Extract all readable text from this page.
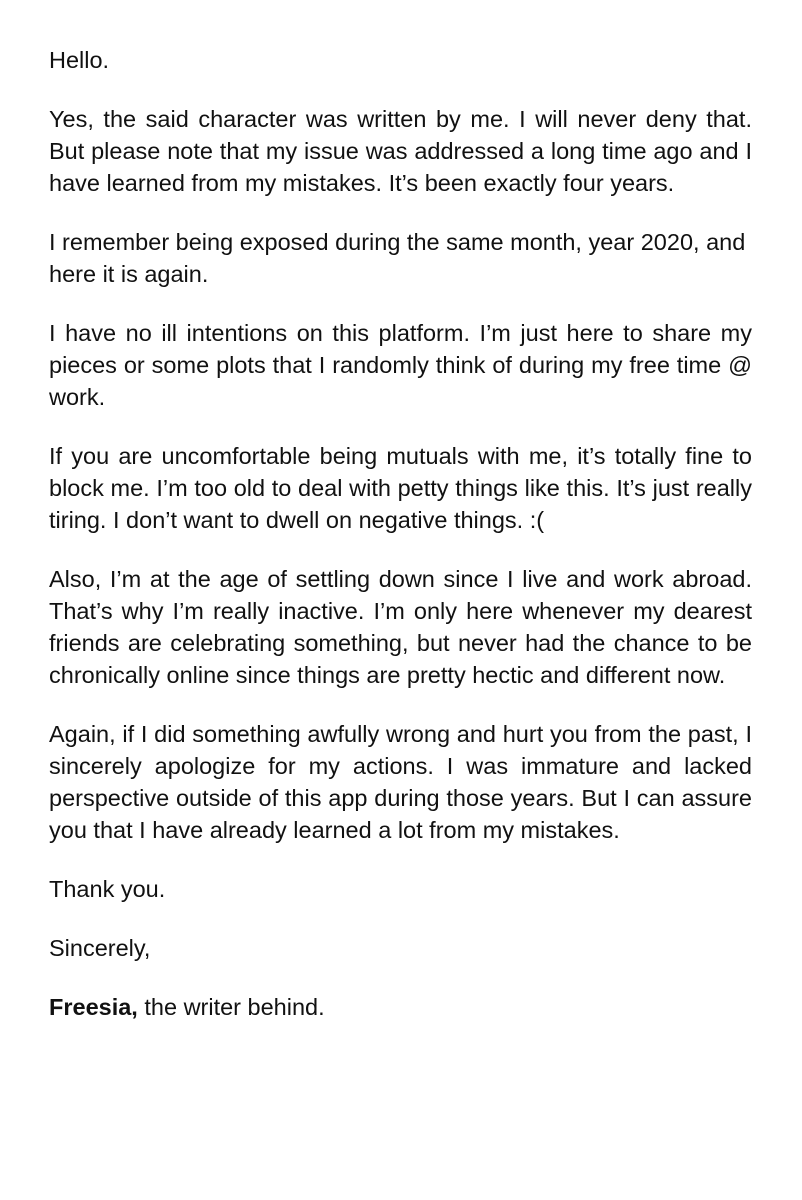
Hello.

Yes, the said character was written by me. I will never deny that. But please note that my issue was addressed a long time ago and I have learned from my mistakes. It’s been exactly four years.

I remember being exposed during the same month, year 2020, and here it is again.

I have no ill intentions on this platform. I’m just here to share my pieces or some plots that I randomly think of during my free time @ work.

If you are uncomfortable being mutuals with me, it’s totally fine to block me. I’m too old to deal with petty things like this. It’s just really tiring. I don’t want to dwell on negative things. :(

Also, I’m at the age of settling down since I live and work abroad. That’s why I’m really inactive. I’m only here whenever my dearest friends are celebrating something, but never had the chance to be chronically online since things are pretty hectic and different now.

Again, if I did something awfully wrong and hurt you from the past, I sincerely apologize for my actions. I was immature and lacked perspective outside of this app during those years. But I can assure you that I have already learned a lot from my mistakes.

Thank you.

Sincerely,

Freesia, the writer behind.
